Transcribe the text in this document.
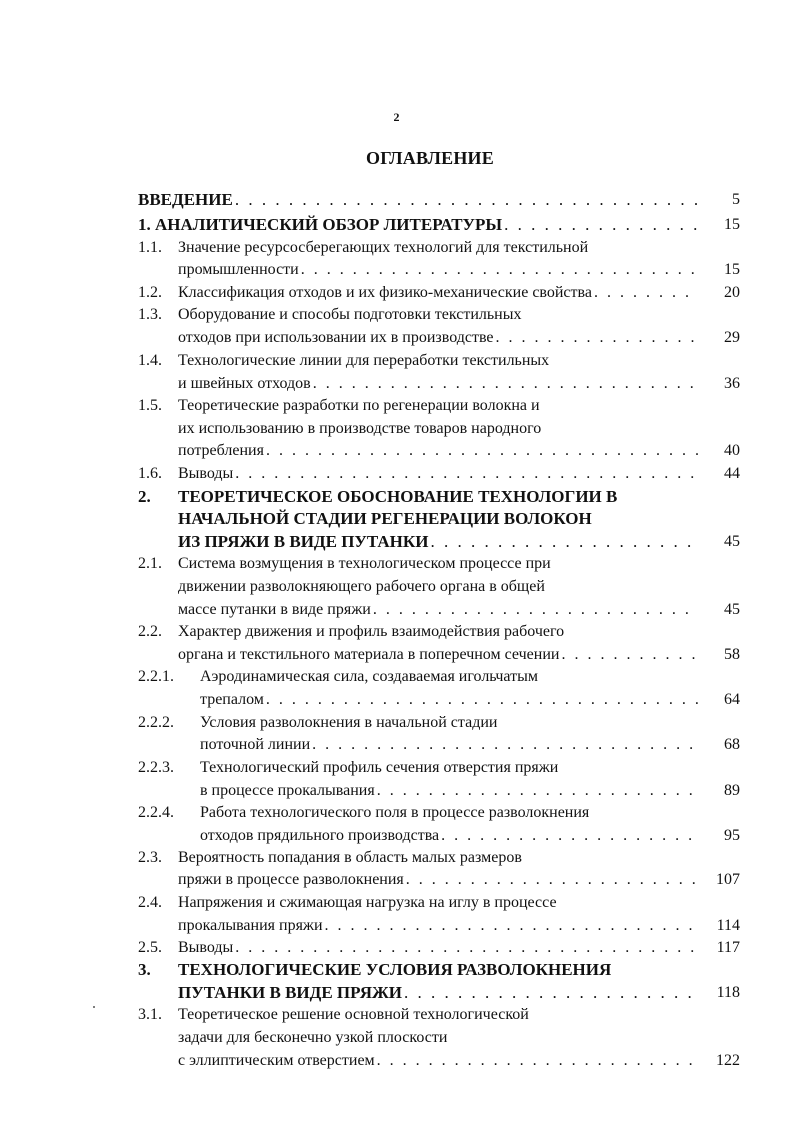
2
ОГЛАВЛЕНИЕ
ВВЕДЕНИЕ . . .	5
1. АНАЛИТИЧЕСКИЙ ОБЗОР ЛИТЕРАТУРЫ . . .	15
1.1. Значение ресурсосберегающих технологий для текстильной
промышленности . . .	15
1.2. Классификация отходов и их физико-механические свойства . . .	20
1.3. Оборудование и способы подготовки текстильных
отходов при использовании их в производстве . . .	29
1.4. Технологические линии для переработки текстильных
и швейных отходов . . .	36
1.5. Теоретические разработки по регенерации волокна и
их использованию в производстве товаров народного
потребления . . .	40
1.6. Выводы . . .	44
2. ТЕОРЕТИЧЕСКОЕ ОБОСНОВАНИЕ ТЕХНОЛОГИИ В
НАЧАЛЬНОЙ СТАДИИ РЕГЕНЕРАЦИИ ВОЛОКОН
ИЗ ПРЯЖИ В ВИДЕ ПУТАНКИ . . .	45
2.1. Система возмущения в технологическом процессе при
движении разволокняющего рабочего органа в общей
массе путанки в виде пряжи . . .	45
2.2. Характер движения и профиль взаимодействия рабочего
органа и текстильного материала в поперечном сечении . . .	58
2.2.1. Аэродинамическая сила, создаваемая игольчатым
трепалом . . .	64
2.2.2. Условия разволокнения в начальной стадии
поточной линии . . .	68
2.2.3. Технологический профиль сечения отверстия пряжи
в процессе прокалывания . . .	89
2.2.4. Работа технологического поля в процессе разволокнения
отходов прядильного производства . . .	95
2.3. Вероятность попадания в область малых размеров
пряжи в процессе разволокнения . . .	107
2.4. Напряжения и сжимающая нагрузка на иглу в процессе
прокалывания пряжи . . .	114
2.5. Выводы . . .	117
3. ТЕХНОЛОГИЧЕСКИЕ УСЛОВИЯ РАЗВОЛОКНЕНИЯ
ПУТАНКИ В ВИДЕ ПРЯЖИ . . .	118
3.1. Теоретическое решение основной технологической
задачи для бесконечно узкой плоскости
с эллиптическим отверстием . . .	122
